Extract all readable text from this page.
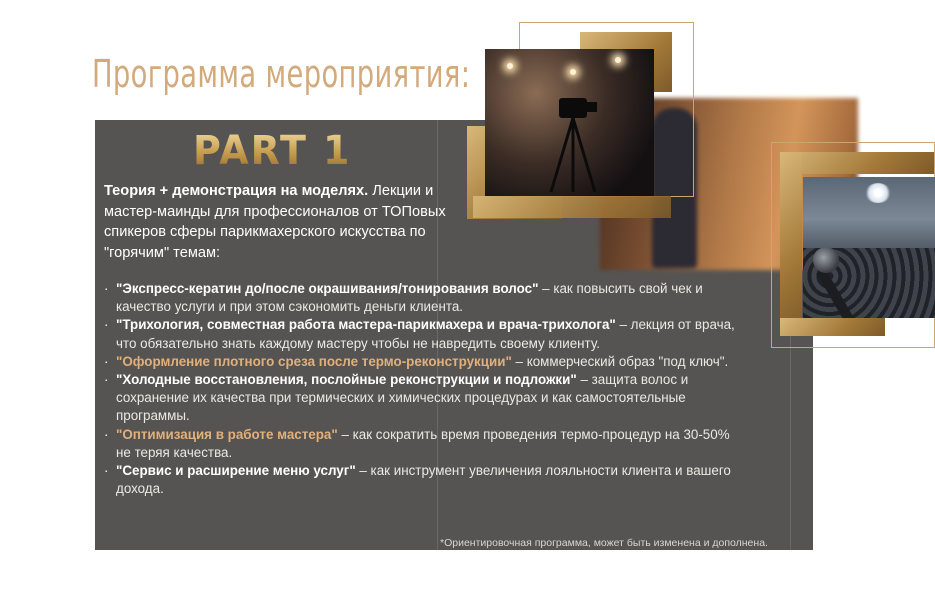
Программа мероприятия:
PART 1
Теория + демонстрация на моделях. Лекции и мастер-маинды для профессионалов от ТОПовых спикеров сферы парикмахерского искусства по "горячим" темам:
· "Экспресс-кератин до/после окрашивания/тонирования волос" – как повысить свой чек и качество услуги и при этом сэкономить деньги клиента.
· "Трихология, совместная работа мастера-парикмахера и врача-трихолога" – лекция от врача, что обязательно знать каждому мастеру чтобы не навредить своему клиенту.
· "Оформление плотного среза после термо-реконструкции" – коммерческий образ "под ключ".
· "Холодные восстановления, послойные реконструкции и подложки" – защита волос и сохранение их качества при термических и химических процедурах и как самостоятельные программы.
· "Оптимизация в работе мастера" – как сократить время проведения термо-процедур на 30-50% не теряя качества.
· "Сервис и расширение меню услуг" – как инструмент увеличения лояльности клиента и вашего дохода.
*Ориентировочная программа, может быть изменена и дополнена.
